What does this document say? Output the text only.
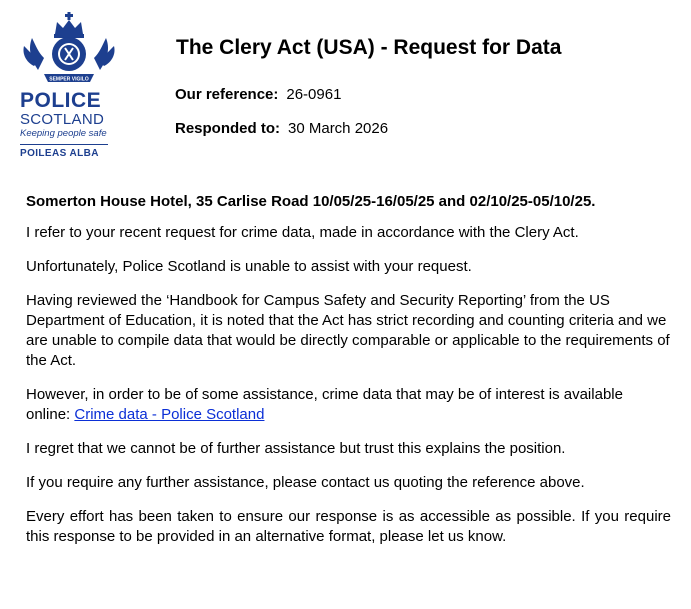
SEMPER VIGILO
POLICE
SCOTLAND
Keeping people safe
POILEAS ALBA
The Clery Act (USA) - Request for Data
Our reference: 26-0961
Responded to: 30 March 2026
Somerton House Hotel, 35 Carlise Road 10/05/25-16/05/25 and 02/10/25-05/10/25.

I refer to your recent request for crime data, made in accordance with the Clery Act.

Unfortunately, Police Scotland is unable to assist with your request.

Having reviewed the ‘Handbook for Campus Safety and Security Reporting’ from the US Department of Education, it is noted that the Act has strict recording and counting criteria and we are unable to compile data that would be directly comparable or applicable to the requirements of the Act.

However, in order to be of some assistance, crime data that may be of interest is available online: Crime data - Police Scotland

I regret that we cannot be of further assistance but trust this explains the position.

If you require any further assistance, please contact us quoting the reference above.

Every effort has been taken to ensure our response is as accessible as possible. If you require this response to be provided in an alternative format, please let us know.
